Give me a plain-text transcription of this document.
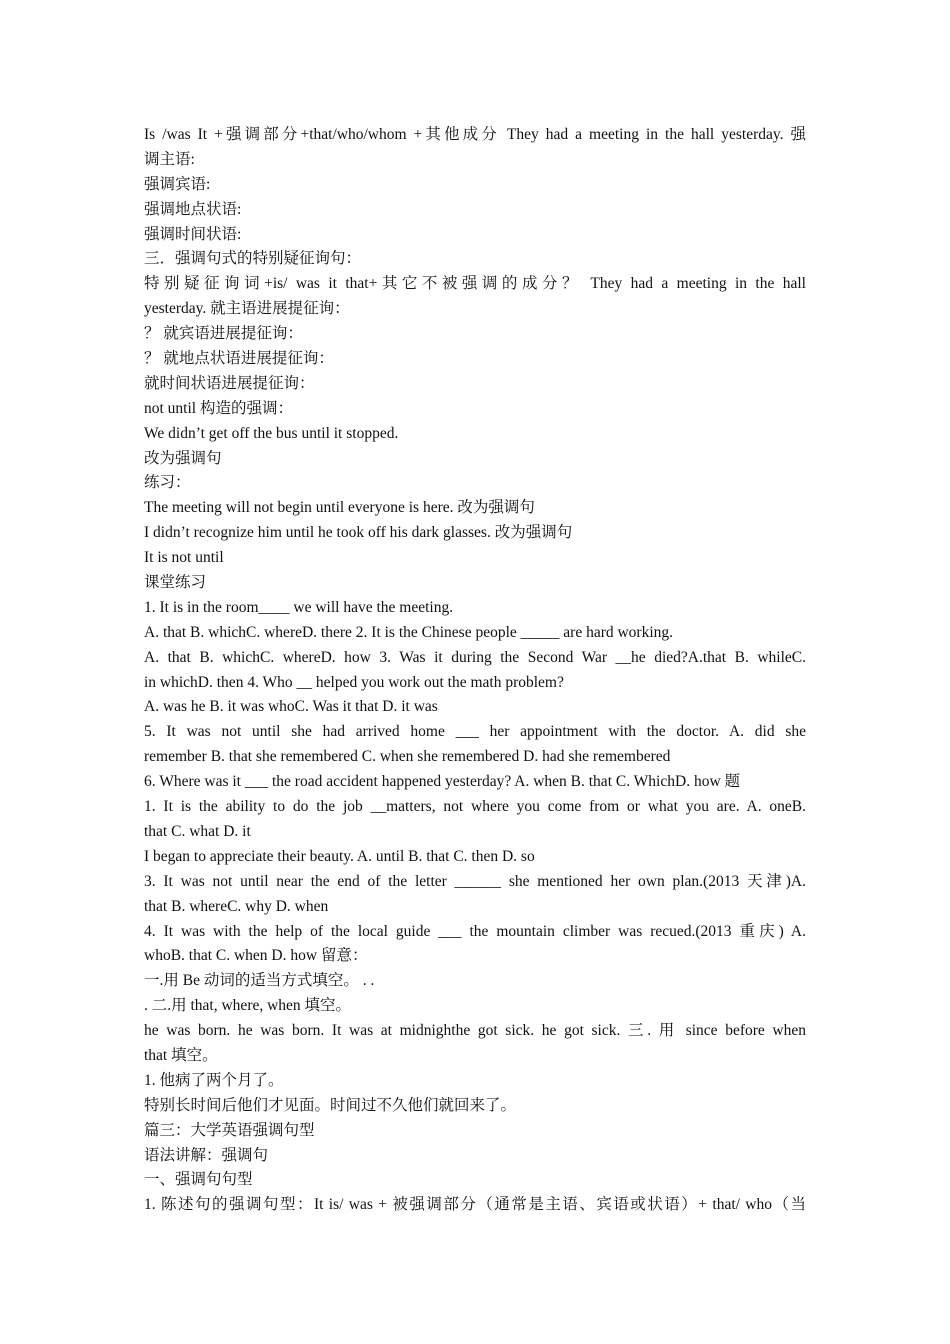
Is /was It +强调部分+that/who/whom +其他成分 They had a meeting in the hall yesterday. 强
调主语:
强调宾语:
强调地点状语:
强调时间状语:
三．强调句式的特别疑征询句：
特别疑征询词+is/ was it that+其它不被强调的成分？ They had a meeting in the hall
yesterday. 就主语进展提征询：
？ 就宾语进展提征询：
？ 就地点状语进展提征询：
就时间状语进展提征询：
not until 构造的强调：
We didn’t get off the bus until it stopped.
改为强调句
练习：
The meeting will not begin until everyone is here. 改为强调句
I didn’t recognize him until he took off his dark glasses. 改为强调句
It is not until
课堂练习
1. It is in the room____ we will have the meeting.
A. that B. whichC. whereD. there 2. It is the Chinese people _____ are hard working.
A. that B. whichC. whereD. how 3. Was it during the Second War __he died?A.that B. whileC.
in whichD. then 4. Who __ helped you work out the math problem?
A. was he B. it was whoC. Was it that D. it was
5. It was not until she had arrived home ___ her appointment with the doctor. A. did she
remember B. that she remembered C. when she remembered D. had she remembered
6. Where was it ___ the road accident happened yesterday? A. when B. that C. WhichD. how 题
1. It is the ability to do the job __matters, not where you come from or what you are. A. oneB.
that C. what D. it
I began to appreciate their beauty. A. until B. that C. then D. so
3. It was not until near the end of the letter ______ she mentioned her own plan.(2013 天津)A.
that B. whereC. why D. when
4. It was with the help of the local guide ___ the mountain climber was recued.(2013 重庆) A.
whoB. that C. when D. how 留意：
一.用 Be 动词的适当方式填空。 . .
. 二.用 that, where, when 填空。
he was born. he was born. It was at midnighthe got sick. he got sick. 三. 用 since before when
that 填空。
1. 他病了两个月了。
特别长时间后他们才见面。时间过不久他们就回来了。
篇三：大学英语强调句型
语法讲解：强调句
一、强调句句型
1. 陈述句的强调句型：It is/ was + 被强调部分（通常是主语、宾语或状语）+ that/ who（当
